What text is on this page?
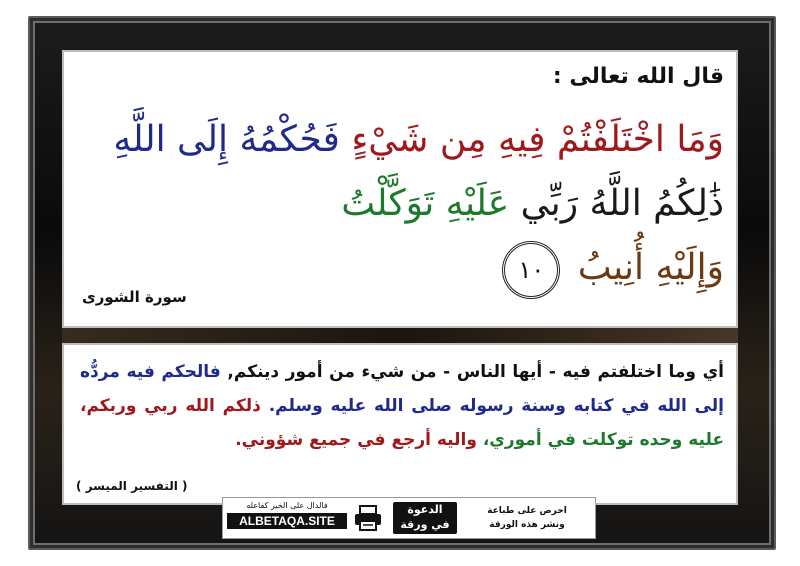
قال الله تعالى :
وَمَا اخْتَلَفْتُمْ فِيهِ مِن شَيْءٍ فَحُكْمُهُ إِلَى اللَّهِ ذَٰلِكُمُ اللَّهُ رَبِّي عَلَيْهِ تَوَكَّلْتُ
وَإِلَيْهِ أُنِيبُ ١٠
سورة الشورى
أي وما اختلفتم فيه - أيها الناس - من شيء من أمور دينكم, فالحكم فيه مردُّه إلى الله في كتابه وسنة رسوله صلى الله عليه وسلم. ذلكم الله ربي وربكم، عليه وحده توكلت في أموري، واليه أرجع في جميع شؤوني.
( التفسير الميسر )
فالدال على الخير كفاعله
ALBETAQA.SITE
الدعوة
في ورقة
احرص على طباعة
ونشر هذه الورقة
